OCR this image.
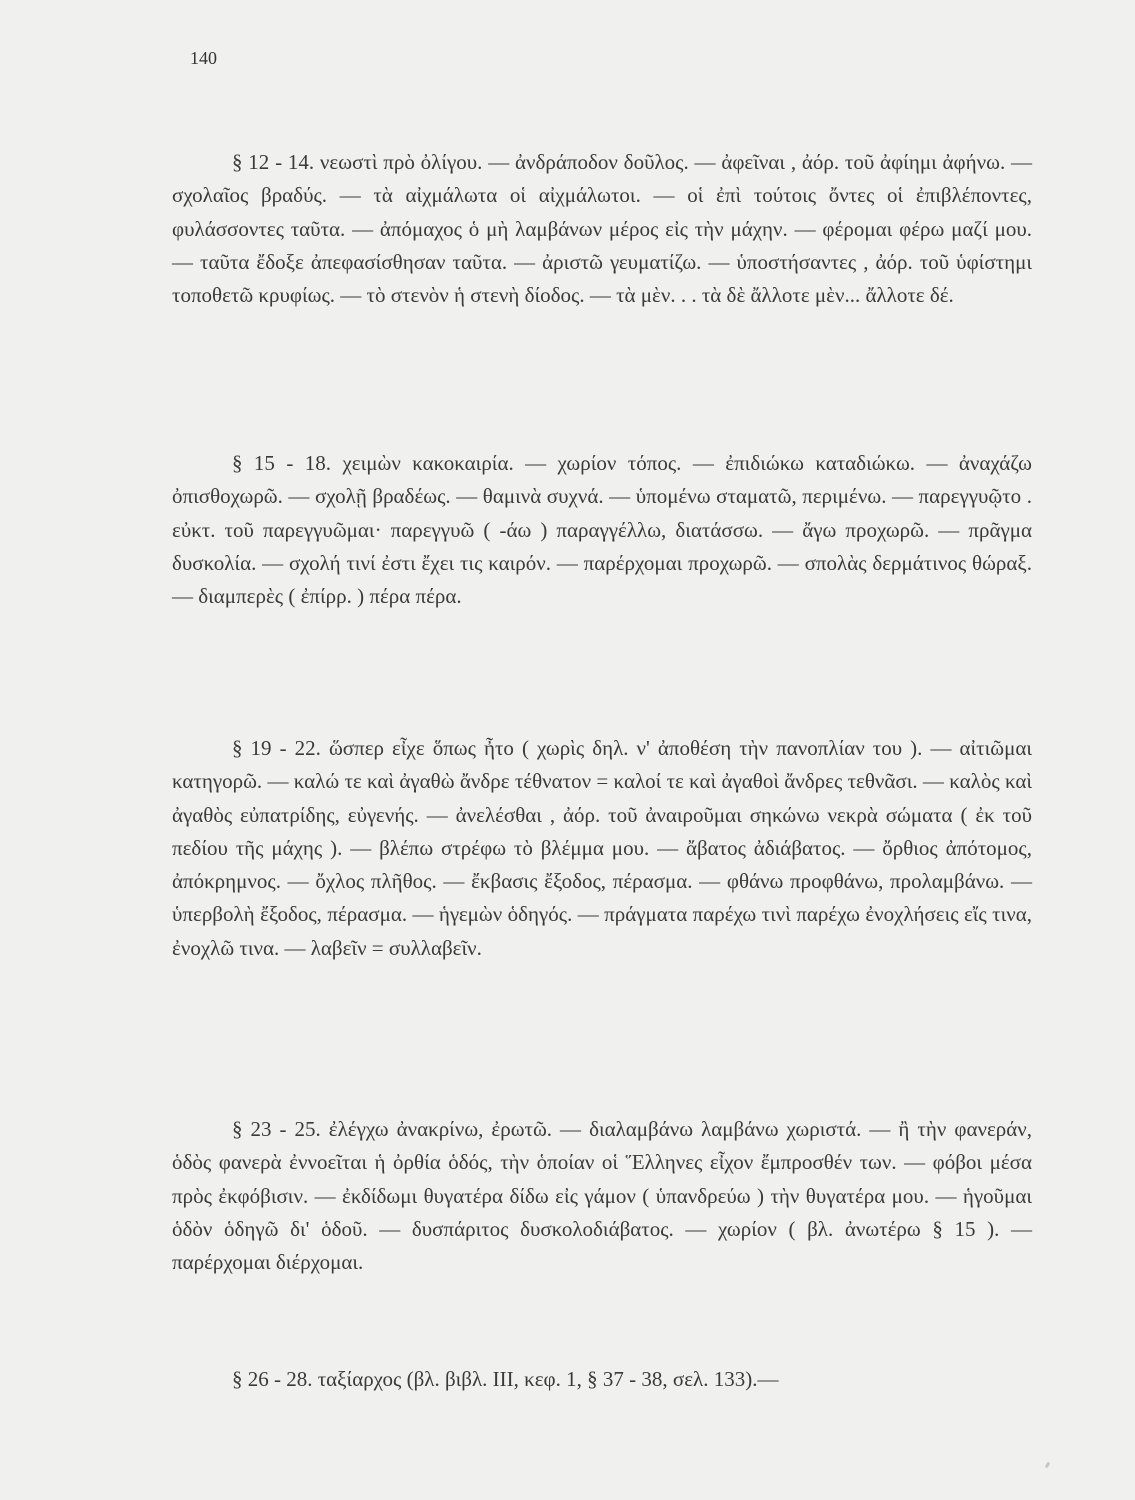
140

§ 12 - 14. νεωστὶ πρὸ ὀλίγου. — ἀνδράποδον δοῦλος. — ἀφεῖναι , ἀόρ. τοῦ ἀφίημι ἀφήνω. — σχολαῖος βραδύς. — τὰ αἰχμάλωτα οἱ αἰχμάλωτοι. — οἱ ἐπὶ τούτοις ὄντες οἱ ἐπιβλέποντες, φυλάσσοντες ταῦτα. — ἀπόμαχος ὁ μὴ λαμβάνων μέρος εἰς τὴν μάχην. — φέρομαι φέρω μαζί μου. — ταῦτα ἔδοξε ἀπεφασίσθησαν ταῦτα. — ἀριστῶ γευματίζω. — ὑποστήσαντες , ἀόρ. τοῦ ὑφίστημι τοποθετῶ κρυφίως. — τὸ στενὸν ἡ στενὴ δίοδος. — τὰ μὲν. . . τὰ δὲ ἄλλοτε μὲν... ἄλλοτε δέ.

§ 15 - 18. χειμὼν κακοκαιρία. — χωρίον τόπος. — ἐπιδιώκω καταδιώκω. — ἀναχάζω ὀπισθοχωρῶ. — σχολῇ βραδέως. — θαμινὰ συχνά. — ὑπομένω σταματῶ, περιμένω. — παρεγγυῷτο . εὐκτ. τοῦ παρεγγυῶμαι· παρεγγυῶ ( -άω ) παραγγέλλω, διατάσσω. — ἄγω προχωρῶ. — πρᾶγμα δυσκολία. — σχολή τινί ἐστι ἔχει τις καιρόν. — παρέρχομαι προχωρῶ. — σπολὰς δερμάτινος θώραξ. — διαμπερὲς ( ἐπίρρ. ) πέρα πέρα.

§ 19 - 22. ὥσπερ εἶχε ὅπως ἦτο ( χωρὶς δηλ. ν' ἀποθέση τὴν πανοπλίαν του ). — αἰτιῶμαι κατηγορῶ. — καλώ τε καὶ ἀγαθὼ ἄνδρε τέθνατον = καλοί τε καὶ ἀγαθοὶ ἄνδρες τεθνᾶσι. — καλὸς καὶ ἀγαθὸς εὐπατρίδης, εὐγενής. — ἀνελέσθαι , ἀόρ. τοῦ ἀναιροῦμαι σηκώνω νεκρὰ σώματα ( ἐκ τοῦ πεδίου τῆς μάχης ). — βλέπω στρέφω τὸ βλέμμα μου. — ἄβατος ἀδιάβατος. — ὄρθιος ἀπότομος, ἀπόκρημνος. — ὄχλος πλῆθος. — ἔκβασις ἔξοδος, πέρασμα. — φθάνω προφθάνω, προλαμβάνω. — ὑπερβολὴ ἔξοδος, πέρασμα. — ἡγεμὼν ὁδηγός. — πράγματα παρέχω τινὶ παρέχω ἐνοχλήσεις εἴς τινα, ἐνοχλῶ τινα. — λαβεῖν = συλλαβεῖν.

§ 23 - 25. ἐλέγχω ἀνακρίνω, ἐρωτῶ. — διαλαμβάνω λαμβάνω χωριστά. — ἢ τὴν φανεράν, ὁδὸς φανερὰ ἐννοεῖται ἡ ὀρθία ὁδός, τὴν ὁποίαν οἱ Ἕλληνες εἶχον ἔμπροσθέν των. — φόβοι μέσα πρὸς ἐκφόβισιν. — ἐκδίδωμι θυγατέρα δίδω εἰς γάμον ( ὑπανδρεύω ) τὴν θυγατέρα μου. — ἡγοῦμαι ὁδὸν ὁδηγῶ δι' ὁδοῦ. — δυσπάριτος δυσκολοδιάβατος. — χωρίον ( βλ. ἀνωτέρω § 15 ). — παρέρχομαι διέρχομαι.

§ 26 - 28. ταξίαρχος (βλ. βιβλ. III, κεφ. 1, § 37 - 38, σελ. 133).—
